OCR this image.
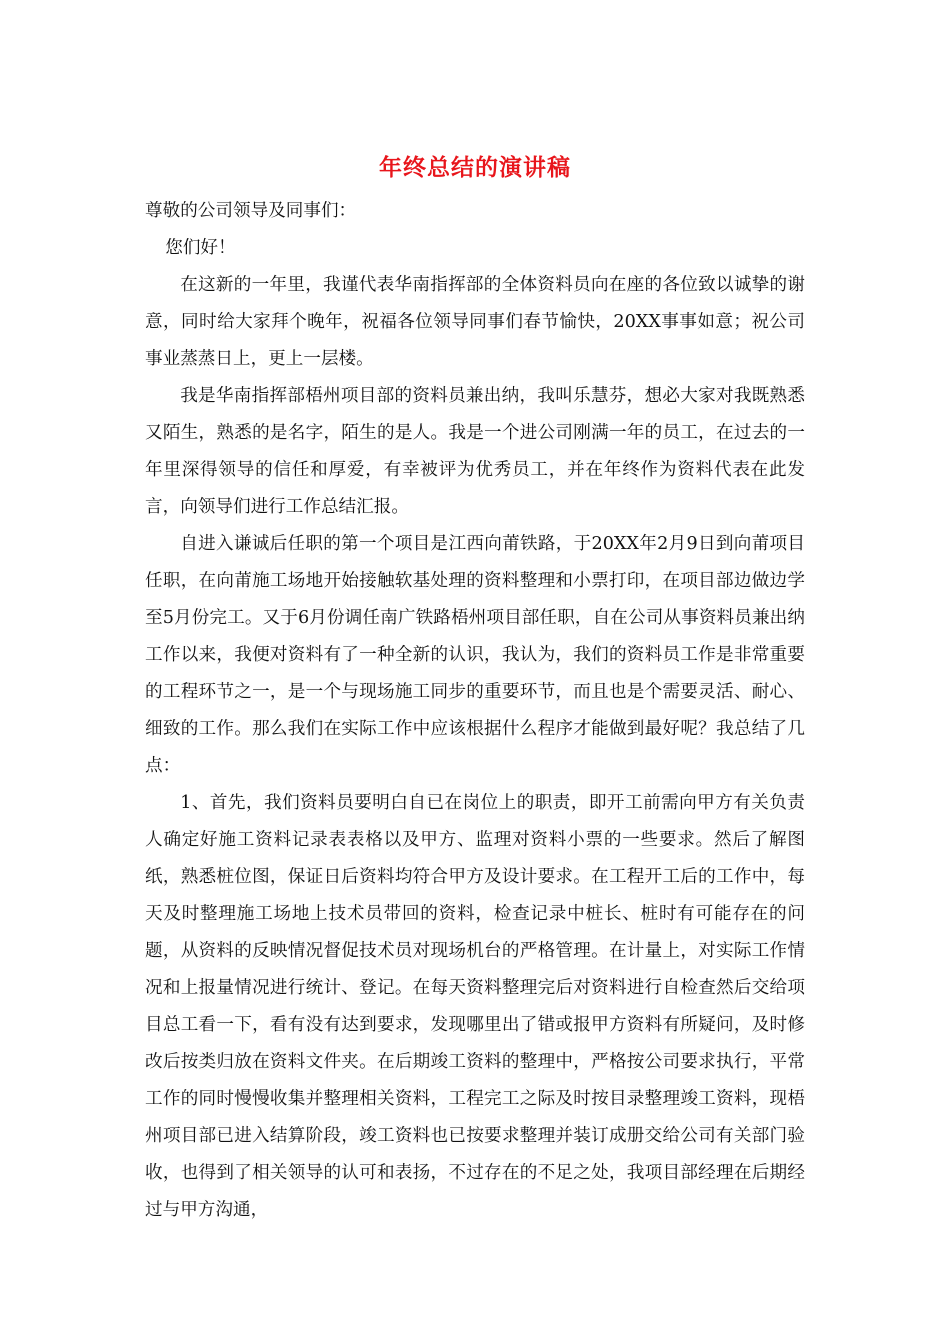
年终总结的演讲稿

尊敬的公司领导及同事们：

您们好！

在这新的一年里，我谨代表华南指挥部的全体资料员向在座的各位致以诚挚的谢意，同时给大家拜个晚年，祝福各位领导同事们春节愉快，20XX事事如意；祝公司事业蒸蒸日上，更上一层楼。

我是华南指挥部梧州项目部的资料员兼出纳，我叫乐慧芬，想必大家对我既熟悉又陌生，熟悉的是名字，陌生的是人。我是一个进公司刚满一年的员工，在过去的一年里深得领导的信任和厚爱，有幸被评为优秀员工，并在年终作为资料代表在此发言，向领导们进行工作总结汇报。

自进入谦诚后任职的第一个项目是江西向莆铁路，于20XX年2月9日到向莆项目任职，在向莆施工场地开始接触软基处理的资料整理和小票打印，在项目部边做边学至5月份完工。又于6月份调任南广铁路梧州项目部任职，自在公司从事资料员兼出纳工作以来，我便对资料有了一种全新的认识，我认为，我们的资料员工作是非常重要的工程环节之一，是一个与现场施工同步的重要环节，而且也是个需要灵活、耐心、细致的工作。那么我们在实际工作中应该根据什么程序才能做到最好呢？我总结了几点：

1、首先，我们资料员要明白自已在岗位上的职责，即开工前需向甲方有关负责人确定好施工资料记录表表格以及甲方、监理对资料小票的一些要求。然后了解图纸，熟悉桩位图，保证日后资料均符合甲方及设计要求。在工程开工后的工作中，每天及时整理施工场地上技术员带回的资料，检查记录中桩长、桩时有可能存在的问题，从资料的反映情况督促技术员对现场机台的严格管理。在计量上，对实际工作情况和上报量情况进行统计、登记。在每天资料整理完后对资料进行自检查然后交给项目总工看一下，看有没有达到要求，发现哪里出了错或报甲方资料有所疑问，及时修改后按类归放在资料文件夹。在后期竣工资料的整理中，严格按公司要求执行，平常工作的同时慢慢收集并整理相关资料，工程完工之际及时按目录整理竣工资料，现梧州项目部已进入结算阶段，竣工资料也已按要求整理并装订成册交给公司有关部门验收，也得到了相关领导的认可和表扬，不过存在的不足之处，我项目部经理在后期经过与甲方沟通，
